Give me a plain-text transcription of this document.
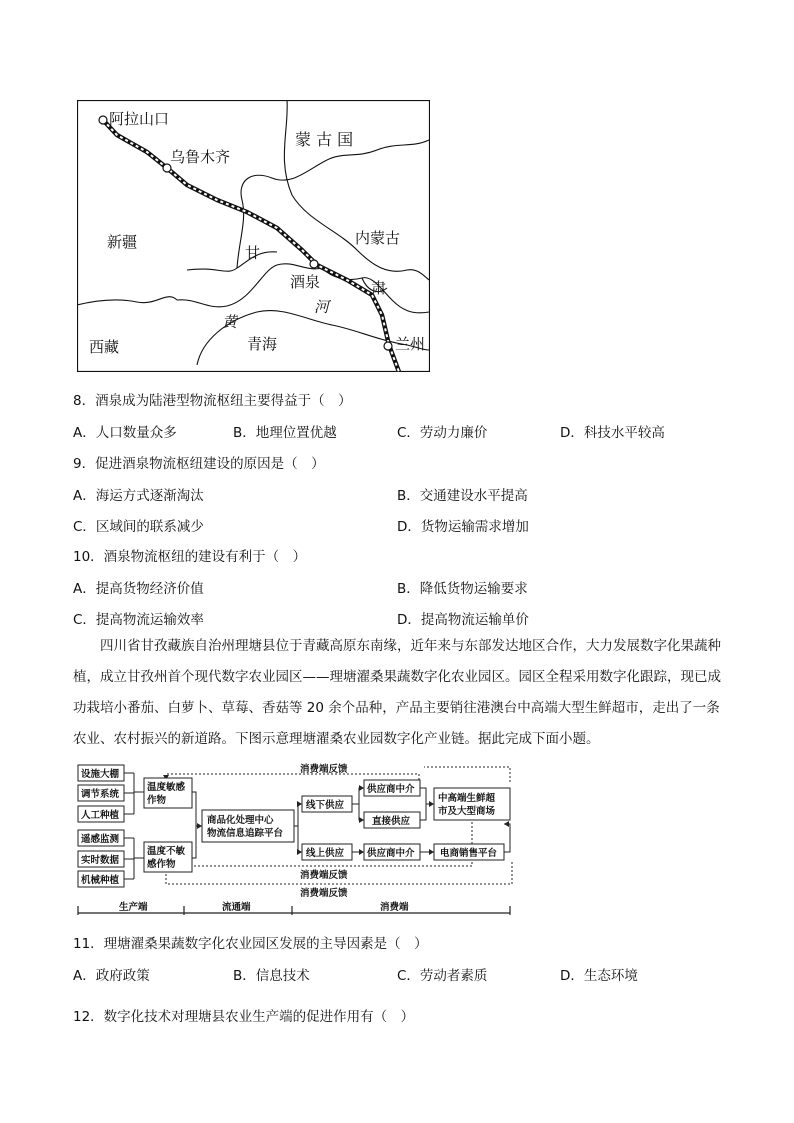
阿拉山口
乌鲁木齐
蒙 古 国
新疆	内蒙古
甘
酒泉	肃
河
黄
青海
西藏	兰州
8．酒泉成为陆港型物流枢纽主要得益于（　）
A．人口数量众多	B．地理位置优越	C．劳动力廉价	D．科技水平较高
9．促进酒泉物流枢纽建设的原因是（　）
A．海运方式逐渐淘汰	B．交通建设水平提高
C．区域间的联系减少	D．货物运输需求增加
10．酒泉物流枢纽的建设有利于（　）
A．提高货物经济价值	B．降低货物运输要求
C．提高物流运输效率	D．提高物流运输单价
四川省甘孜藏族自治州理塘县位于青藏高原东南缘，近年来与东部发达地区合作，大力发展数字化果蔬种植，成立甘孜州首个现代数字农业园区——理塘濯桑果蔬数字化农业园区。园区全程采用数字化跟踪，现已成功栽培小番茄、白萝卜、草莓、香菇等 20 余个品种，产品主要销往港澳台中高端大型生鲜超市，走出了一条农业、农村振兴的新道路。下图示意理塘濯桑农业园数字化产业链。据此完成下面小题。
设施大棚
调节系统
人工种植
遥感监测
实时数据
机械种植
温度敏感
作物
温度不敏
感作物
商品化处理中心
物流信息追踪平台
线下供应
线上供应
供应商中介
直接供应
供应商中介	电商销售平台
中高端生鲜超
市及大型商场
消费端反馈
消费端反馈
消费端反馈
生产端	流通端	消费端
11．理塘濯桑果蔬数字化农业园区发展的主导因素是（　）
A．政府政策	B．信息技术	C．劳动者素质	D．生态环境
12．数字化技术对理塘县农业生产端的促进作用有（　）
